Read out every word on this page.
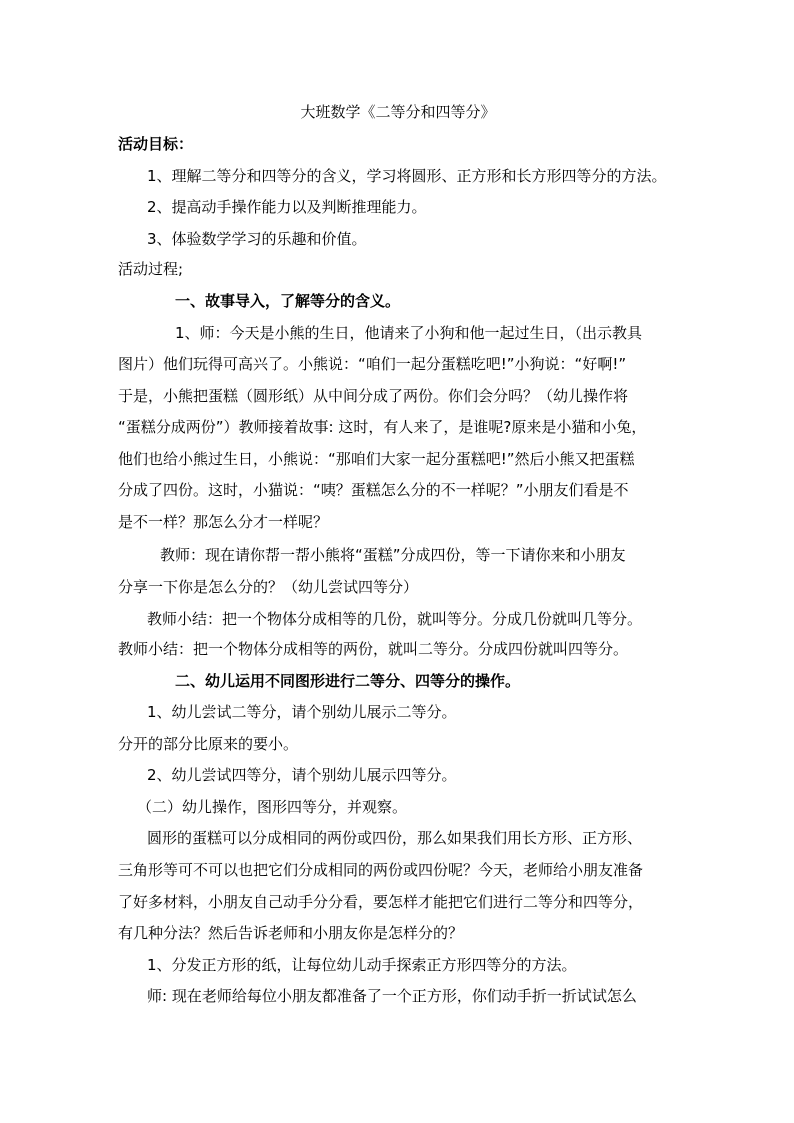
大班数学《二等分和四等分》
活动目标：
1、理解二等分和四等分的含义，学习将圆形、正方形和长方形四等分的方法。
2、提高动手操作能力以及判断推理能力。
3、体验数学学习的乐趣和价值。
活动过程;
一、故事导入，了解等分的含义。
1、师：今天是小熊的生日，他请来了小狗和他一起过生日，（出示教具
图片）他们玩得可高兴了。小熊说：“咱们一起分蛋糕吃吧!”小狗说：“好啊!”
于是，小熊把蛋糕（圆形纸）从中间分成了两份。你们会分吗？（幼儿操作将
“蛋糕分成两份”）教师接着故事: 这时，有人来了，是谁呢?原来是小猫和小兔，
他们也给小熊过生日，小熊说：“那咱们大家一起分蛋糕吧!”然后小熊又把蛋糕
分成了四份。这时，小猫说：“咦？蛋糕怎么分的不一样呢？”小朋友们看是不
是不一样？那怎么分才一样呢？
教师：现在请你帮一帮小熊将“蛋糕”分成四份，等一下请你来和小朋友
分享一下你是怎么分的？（幼儿尝试四等分）
教师小结：把一个物体分成相等的几份，就叫等分。分成几份就叫几等分。
教师小结：把一个物体分成相等的两份，就叫二等分。分成四份就叫四等分。
二、幼儿运用不同图形进行二等分、四等分的操作。
1、幼儿尝试二等分，请个别幼儿展示二等分。
分开的部分比原来的要小。
2、幼儿尝试四等分，请个别幼儿展示四等分。
（二）幼儿操作，图形四等分，并观察。
圆形的蛋糕可以分成相同的两份或四份，那么如果我们用长方形、正方形、
三角形等可不可以也把它们分成相同的两份或四份呢？今天，老师给小朋友准备
了好多材料，小朋友自己动手分分看，要怎样才能把它们进行二等分和四等分，
有几种分法？然后告诉老师和小朋友你是怎样分的？
1、分发正方形的纸，让每位幼儿动手探索正方形四等分的方法。
师: 现在老师给每位小朋友都准备了一个正方形，你们动手折一折试试怎么
